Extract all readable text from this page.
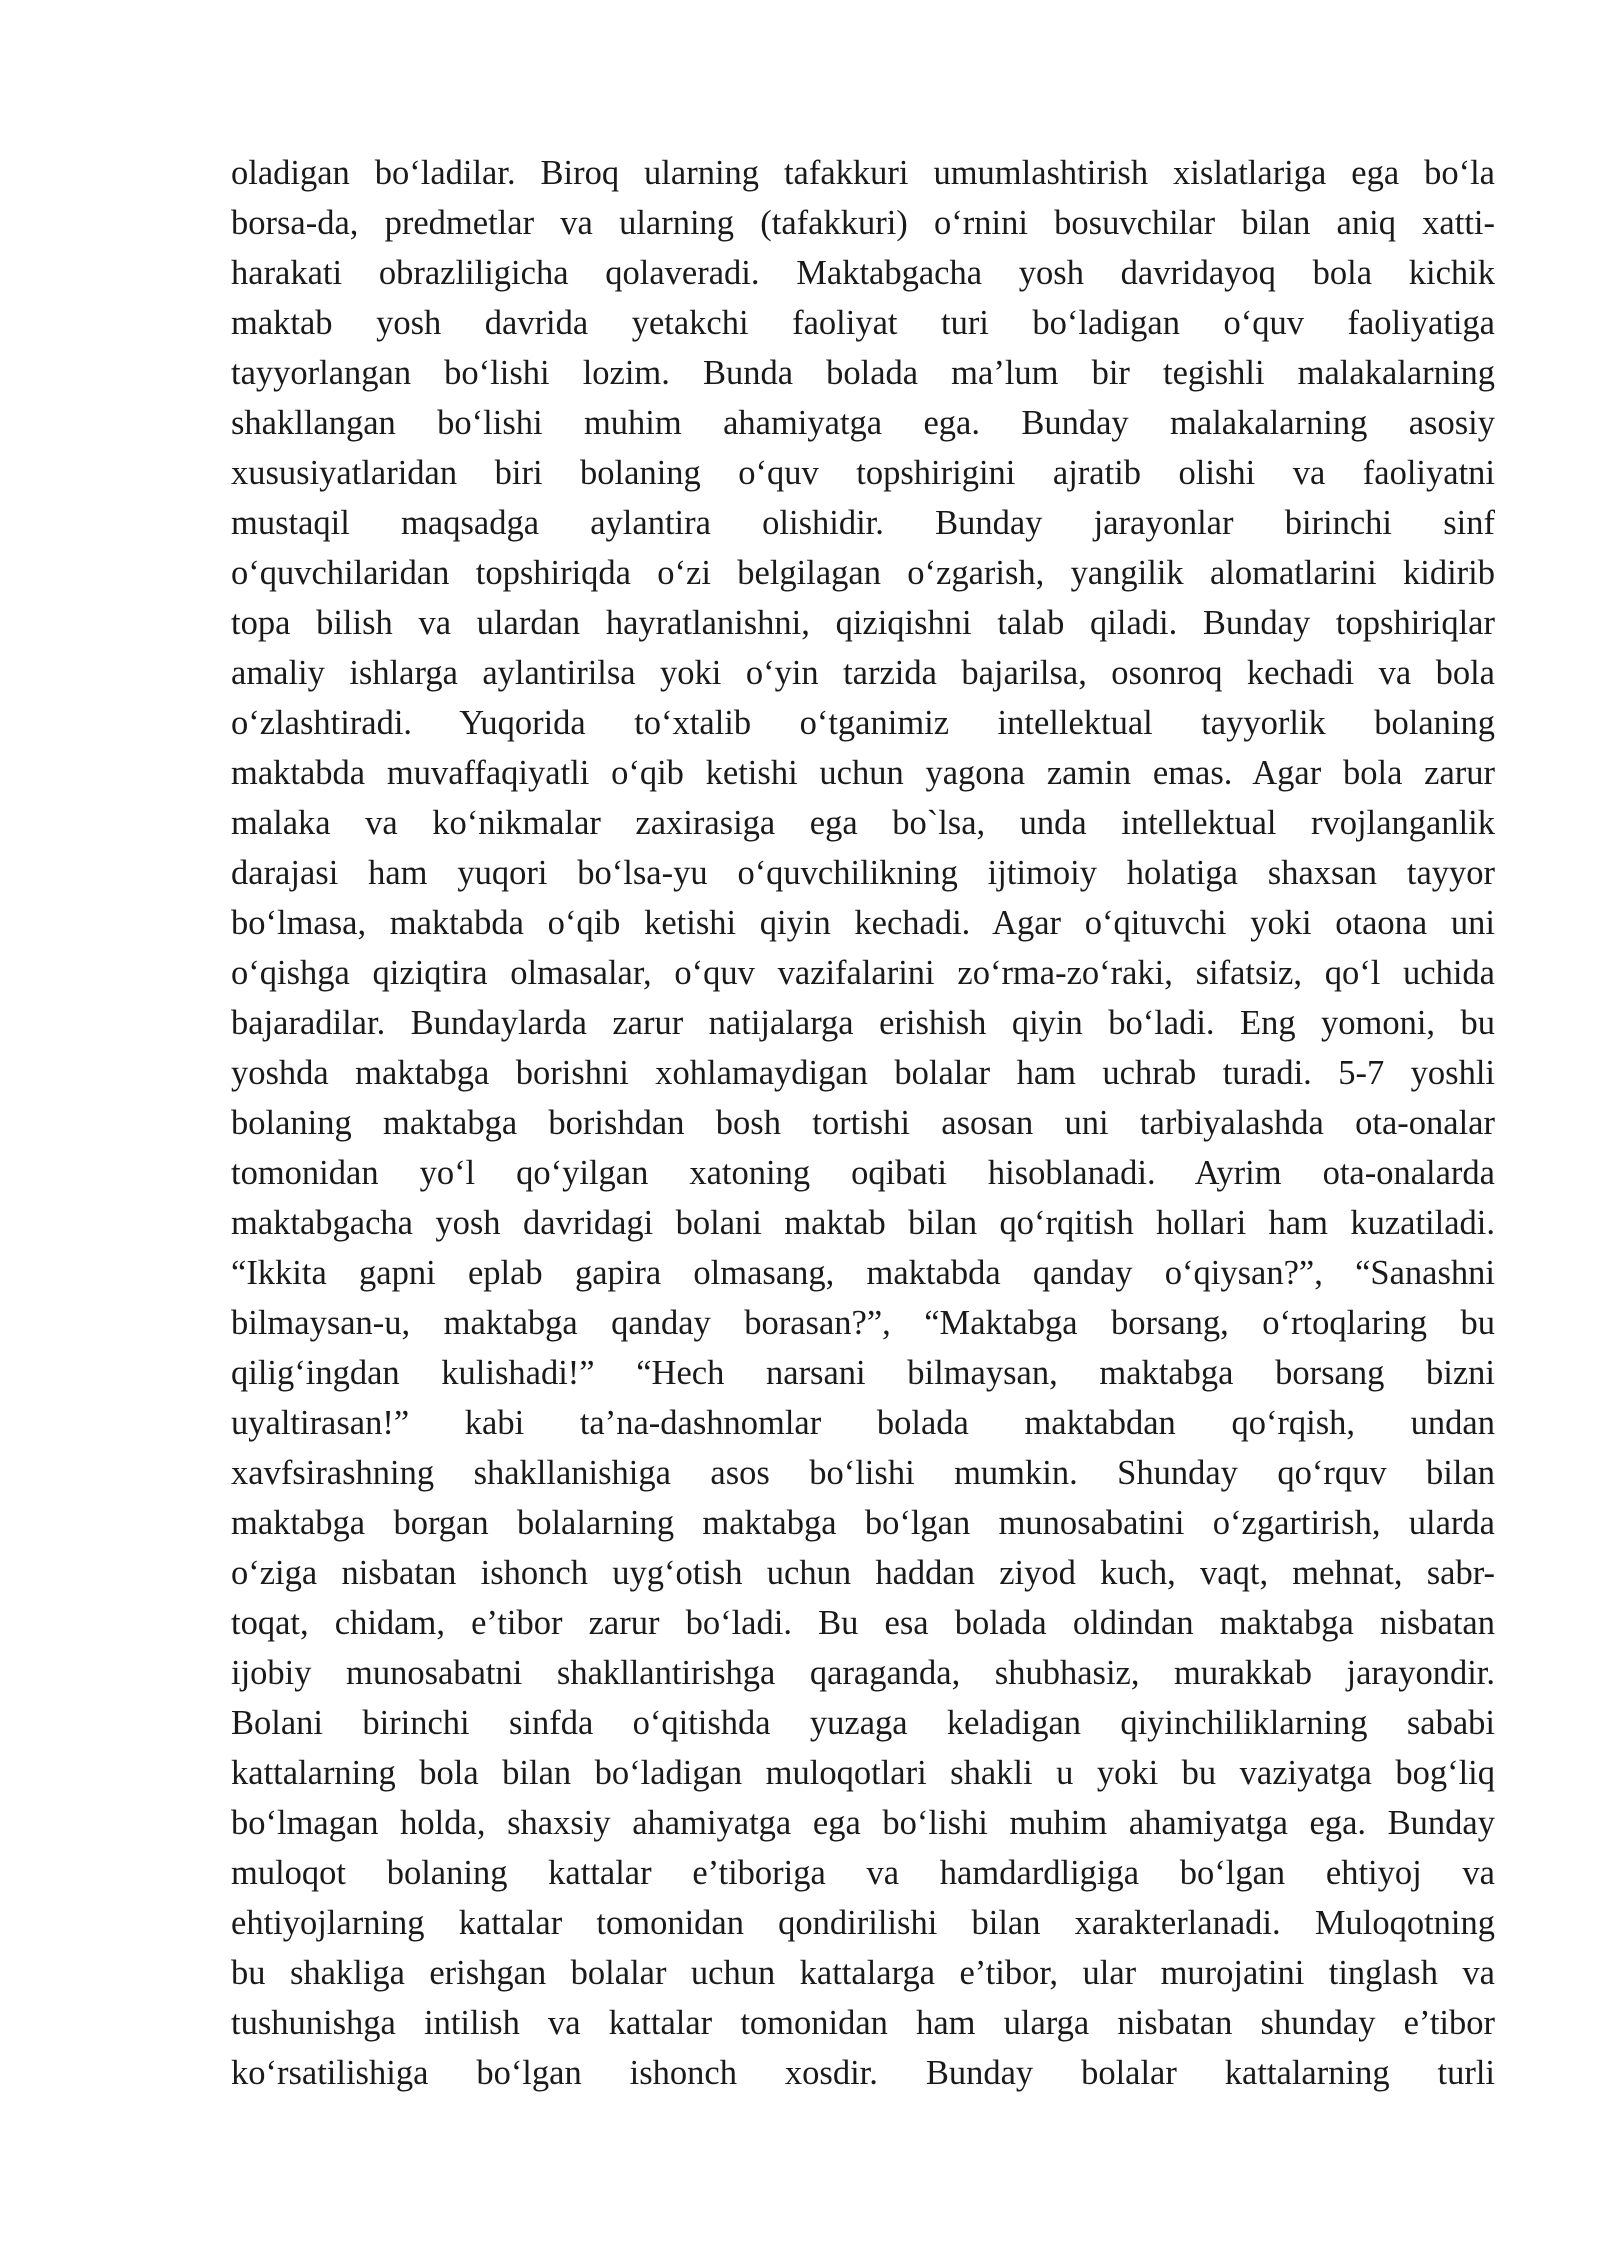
oladigan bo‘ladilar. Biroq ularning tafakkuri umumlashtirish xislatlariga ega bo‘la
borsa-da, predmetlar va ularning (tafakkuri) o‘rnini bosuvchilar bilan aniq xatti-
harakati obrazliligicha qolaveradi. Maktabgacha yosh davridayoq bola kichik
maktab yosh davrida yetakchi faoliyat turi bo‘ladigan o‘quv faoliyatiga
tayyorlangan bo‘lishi lozim. Bunda bolada ma’lum bir tegishli malakalarning
shakllangan bo‘lishi muhim ahamiyatga ega. Bunday malakalarning asosiy
xususiyatlaridan biri bolaning o‘quv topshirigini ajratib olishi va faoliyatni
mustaqil maqsadga aylantira olishidir. Bunday jarayonlar birinchi sinf
o‘quvchilaridan topshiriqda o‘zi belgilagan o‘zgarish, yangilik alomatlarini kidirib
topa bilish va ulardan hayratlanishni, qiziqishni talab qiladi. Bunday topshiriqlar
amaliy ishlarga aylantirilsa yoki o‘yin tarzida bajarilsa, osonroq kechadi va bola
o‘zlashtiradi. Yuqorida to‘xtalib o‘tganimiz intellektual tayyorlik bolaning
maktabda muvaffaqiyatli o‘qib ketishi uchun yagona zamin emas. Agar bola zarur
malaka va ko‘nikmalar zaxirasiga ega bo`lsa, unda intellektual rvojlanganlik
darajasi ham yuqori bo‘lsa-yu o‘quvchilikning ijtimoiy holatiga shaxsan tayyor
bo‘lmasa, maktabda o‘qib ketishi qiyin kechadi. Agar o‘qituvchi yoki otaona uni
o‘qishga qiziqtira olmasalar, o‘quv vazifalarini zo‘rma-zo‘raki, sifatsiz, qo‘l uchida
bajaradilar. Bundaylarda zarur natijalarga erishish qiyin bo‘ladi. Eng yomoni, bu
yoshda maktabga borishni xohlamaydigan bolalar ham uchrab turadi. 5-7 yoshli
bolaning maktabga borishdan bosh tortishi asosan uni tarbiyalashda ota-onalar
tomonidan yo‘l qo‘yilgan xatoning oqibati hisoblanadi. Ayrim ota-onalarda
maktabgacha yosh davridagi bolani maktab bilan qo‘rqitish hollari ham kuzatiladi.
“Ikkita gapni eplab gapira olmasang, maktabda qanday o‘qiysan?”, “Sanashni
bilmaysan-u, maktabga qanday borasan?”, “Maktabga borsang, o‘rtoqlaring bu
qilig‘ingdan kulishadi!” “Hech narsani bilmaysan, maktabga borsang bizni
uyaltirasan!” kabi ta’na-dashnomlar bolada maktabdan qo‘rqish, undan
xavfsirashning shakllanishiga asos bo‘lishi mumkin. Shunday qo‘rquv bilan
maktabga borgan bolalarning maktabga bo‘lgan munosabatini o‘zgartirish, ularda
o‘ziga nisbatan ishonch uyg‘otish uchun haddan ziyod kuch, vaqt, mehnat, sabr-
toqat, chidam, e’tibor zarur bo‘ladi. Bu esa bolada oldindan maktabga nisbatan
ijobiy munosabatni shakllantirishga qaraganda, shubhasiz, murakkab jarayondir.
Bolani birinchi sinfda o‘qitishda yuzaga keladigan qiyinchiliklarning sababi
kattalarning bola bilan bo‘ladigan muloqotlari shakli u yoki bu vaziyatga bog‘liq
bo‘lmagan holda, shaxsiy ahamiyatga ega bo‘lishi muhim ahamiyatga ega. Bunday
muloqot bolaning kattalar e’tiboriga va hamdardligiga bo‘lgan ehtiyoj va
ehtiyojlarning kattalar tomonidan qondirilishi bilan xarakterlanadi. Muloqotning
bu shakliga erishgan bolalar uchun kattalarga e’tibor, ular murojatini tinglash va
tushunishga intilish va kattalar tomonidan ham ularga nisbatan shunday e’tibor
ko‘rsatilishiga bo‘lgan ishonch xosdir. Bunday bolalar kattalarning turli
